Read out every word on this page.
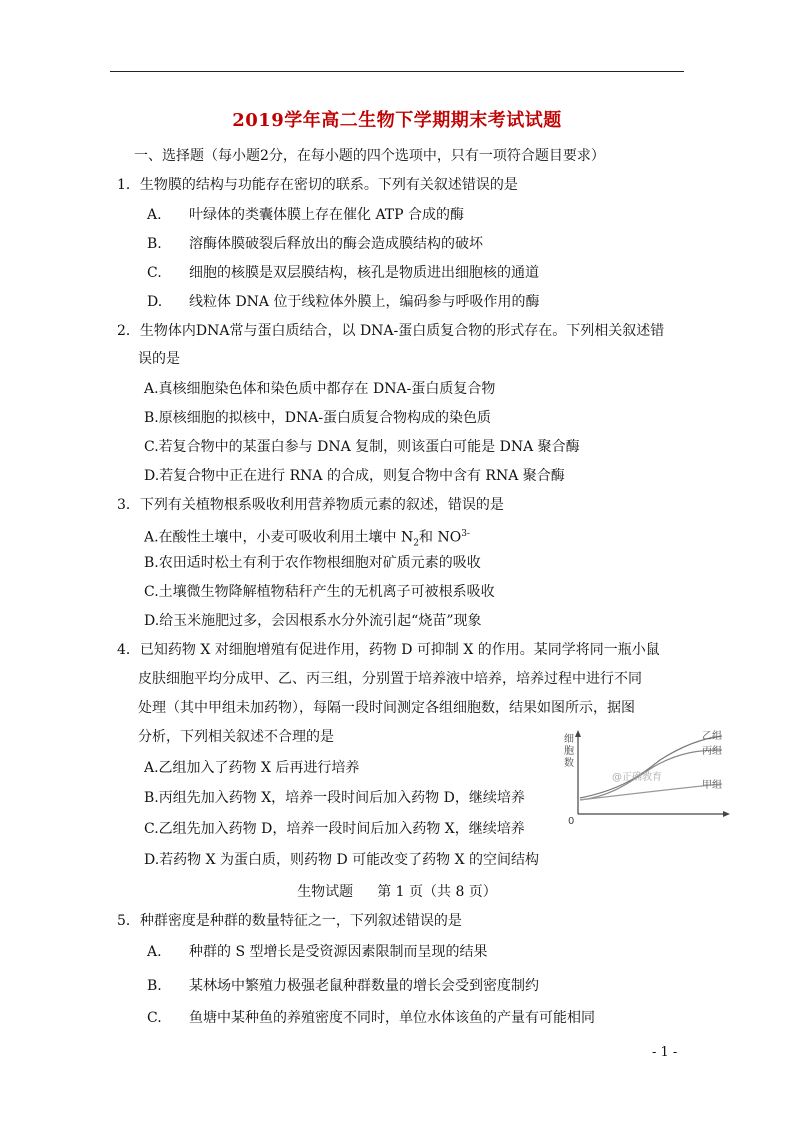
2019学年高二生物下学期期末考试试题
一、选择题（每小题2分，在每小题的四个选项中，只有一项符合题目要求）
1．生物膜的结构与功能存在密切的联系。下列有关叙述错误的是
A. 叶绿体的类囊体膜上存在催化 ATP 合成的酶
B. 溶酶体膜破裂后释放出的酶会造成膜结构的破坏
C. 细胞的核膜是双层膜结构，核孔是物质进出细胞核的通道
D. 线粒体 DNA 位于线粒体外膜上，编码参与呼吸作用的酶
2．生物体内DNA常与蛋白质结合，以 DNA-蛋白质复合物的形式存在。下列相关叙述错
误的是
A.真核细胞染色体和染色质中都存在 DNA-蛋白质复合物
B.原核细胞的拟核中，DNA-蛋白质复合物构成的染色质
C.若复合物中的某蛋白参与 DNA 复制，则该蛋白可能是 DNA 聚合酶
D.若复合物中正在进行 RNA 的合成，则复合物中含有 RNA 聚合酶
3．下列有关植物根系吸收利用营养物质元素的叙述，错误的是
A.在酸性土壤中，小麦可吸收利用土壤中 $N_2$和 $NO^{3-}$
B.农田适时松土有利于农作物根细胞对矿质元素的吸收
C.土壤微生物降解植物秸秆产生的无机离子可被根系吸收
D.给玉米施肥过多，会因根系水分外流引起“烧苗”现象
4．已知药物 X 对细胞增殖有促进作用，药物 D 可抑制 X 的作用。某同学将同一瓶小鼠
皮肤细胞平均分成甲、乙、丙三组，分别置于培养液中培养，培养过程中进行不同
处理（其中甲组未加药物），每隔一段时间测定各组细胞数，结果如图所示，据图
分析，下列相关叙述不合理的是
A.乙组加入了药物 X 后再进行培养
B.丙组先加入药物 X，培养一段时间后加入药物 D，继续培养
C.乙组先加入药物 D，培养一段时间后加入药物 X，继续培养
D.若药物 X 为蛋白质，则药物 D 可能改变了药物 X 的空间结构
细
胞
数
0
乙组
丙组
甲组
@正确教育
生物试题 第 1 页（共 8 页）
5．种群密度是种群的数量特征之一，下列叙述错误的是
A. 种群的 S 型增长是受资源因素限制而呈现的结果
B. 某林场中繁殖力极强老鼠种群数量的增长会受到密度制约
C. 鱼塘中某种鱼的养殖密度不同时，单位水体该鱼的产量有可能相同
- 1 -
